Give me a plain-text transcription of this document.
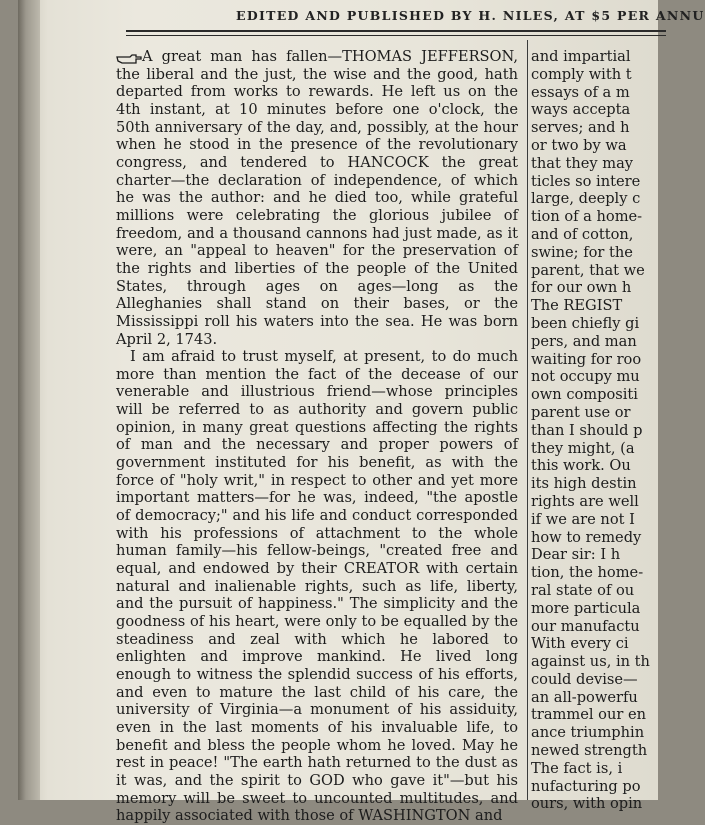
EDITED AND PUBLISHED BY H. NILES, AT $5 PER ANNU

A great man has fallen—THOMAS JEFFERSON, the liberal and the just, the wise and the good, hath departed from works to rewards. He left us on the 4th instant, at 10 minutes before one o'clock, the 50th anniversary of the day, and, possibly, at the hour when he stood in the presence of the revolutionary congress, and tendered to HANCOCK the great charter—the declaration of independence, of which he was the author: and he died too, while grateful millions were celebrating the glorious jubilee of freedom, and a thousand cannons had just made, as it were, an "appeal to heaven" for the preservation of the rights and liberties of the people of the United States, through ages on ages—long as the Alleghanies shall stand on their bases, or the Mississippi roll his waters into the sea. He was born April 2, 1743.

I am afraid to trust myself, at present, to do much more than mention the fact of the decease of our venerable and illustrious friend—whose principles will be referred to as authority and govern public opinion, in many great questions affecting the rights of man and the necessary and proper powers of government instituted for his benefit, as with the force of "holy writ," in respect to other and yet more important matters—for he was, indeed, "the apostle of democracy;" and his life and conduct corresponded with his professions of attachment to the whole human family—his fellow-beings, "created free and equal, and endowed by their CREATOR with certain natural and inalienable rights, such as life, liberty, and the pursuit of happiness." The simplicity and the goodness of his heart, were only to be equalled by the steadiness and zeal with which he labored to enlighten and improve mankind. He lived long enough to witness the splendid success of his efforts, and even to mature the last child of his care, the university of Virginia—a monument of his assiduity, even in the last moments of his invaluable life, to benefit and bless the people whom he loved. May he rest in peace! "The earth hath returned to the dust as it was, and the spirit to GOD who gave it"—but his memory will be sweet to uncounted multitudes, and happily associated with those of WASHINGTON and

and impartial
comply with t
essays of a m
ways accepta
serves; and h
or two by wa
that they may
ticles so intere
large, deeply c
tion of a home-
and of cotton,
swine; for the
parent, that we
for our own h
The REGIST
been chiefly gi
pers, and man
waiting for roo
not occupy mu
own compositi
parent use or
than I should p
they might, (a
this work. Ou
its high destin
rights are well
if we are not I
how to remedy
Dear sir: I h
tion, the home-
ral state of ou
more particula
our manufactu
With every ci
against us, in th
could devise—
an all-powerfu
trammel our en
ance triumphin
newed strength
The fact is, i
nufacturing po
ours, with opin
